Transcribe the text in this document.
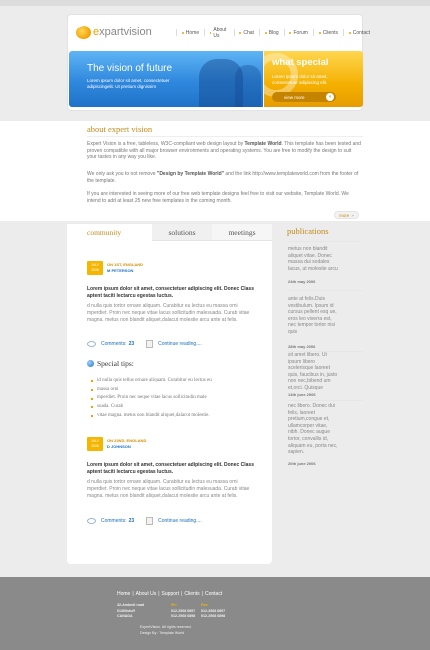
expartvision	Home	About Us	Chat	Blog	Forum	Clients	Contact
The vision of future

Lorem ipsum dolor sit amet, consectetuer adipiscingelit. Ut pretium dignissim

what special

Lorem ipsum dolor sit amet, consectetuer adipiscing elit.

view more	»
about expert vision
Expert Vision is a free, tableless, W3C-compliant web design layout by Template World. This template has been tested and proven compatible with all major browser environments and operating systems. You are free to modify the design to suit your tastes in any way you like.
We only ask you to not remove "Design by Template World" and the link http://www.templateworld.com from the footer of the template.
If you are interested in seeing more of our free web template designs feel free to visit our website, Template World. We intend to add at least 25 new free templates in the coming month.
more »
community	solutions	meetings
JULY
2006
ON 1ST, ENGLAND
M PETERSON
Lorem ipsum dolor sit amet, consectetuer adipiscing elit. Donec Class aptent taciti lectarcu egestas luctus.
d nulla quis tortor ornare aliquam. Curabitur eu lectus eu massa orni mperdiet. Proin nec neque vitae lacus sollicitudin malesuada. Curab vitae magna. metus non blandit aliquet,dalacut molestie arcu ante at felis.
Comments: 23	Continue reading....
JULY
2006
ON 22ND, ENGLAND
D JOHNSON
Lorem ipsum dolor sit amet, consectetuer adipiscing elit. Donec Class aptent taciti lectarcu egestas luctus.
d nulla quis tortor ornare aliquam. Curabitur eu lectus eu massa orni mperdiet. Proin nec neque vitae lacus sollicitudin malesuada. Curab vitae magna. metus non blandit aliquet,dalacut molestie arcu ante at felis.
Comments: 23	Continue reading....
Special tips:
id nulla quis tellus ornare aliquam. Curabitur eu lectus eu
massa orni
mperdiet. Proin nec neque vitae lacus sollicitudin male
suada. Curab
vitae magna. metus non blandit aliquet,dalacut molestie.
publications
metus non blandit aliquet vitae. Donec massa dui sodales lacus, ut molestie arcu
24th may 2006
ante at felis.Duis vestibulum. Ipsum id cursus pellent esq ue, eros leo viverra est, nec tempor tortor nisi quis
28th may 2006
sit amet libero. Ut ipsum libero scelerisque laoreet quis, faucibus in, justo non nec,bibend um et,orci. Quisque
14th june 2006
nec libero. Donec dui felis, laoreet pretium,congue et, ullamcorper vitae, nibh. Donec augue tortor, convallis id, aliquam eu, porta nec, sapien.
20th june 2006
Home | About Us | Support | Clients | Contact
32-Ambedi road
01360stuff
CANADA
Ph:
012-2568 6897
012-2568 6898
Fax:
012-2568 6897
012-2568 6898
ExpertVision. All rights reserved.
Design By : Template World
